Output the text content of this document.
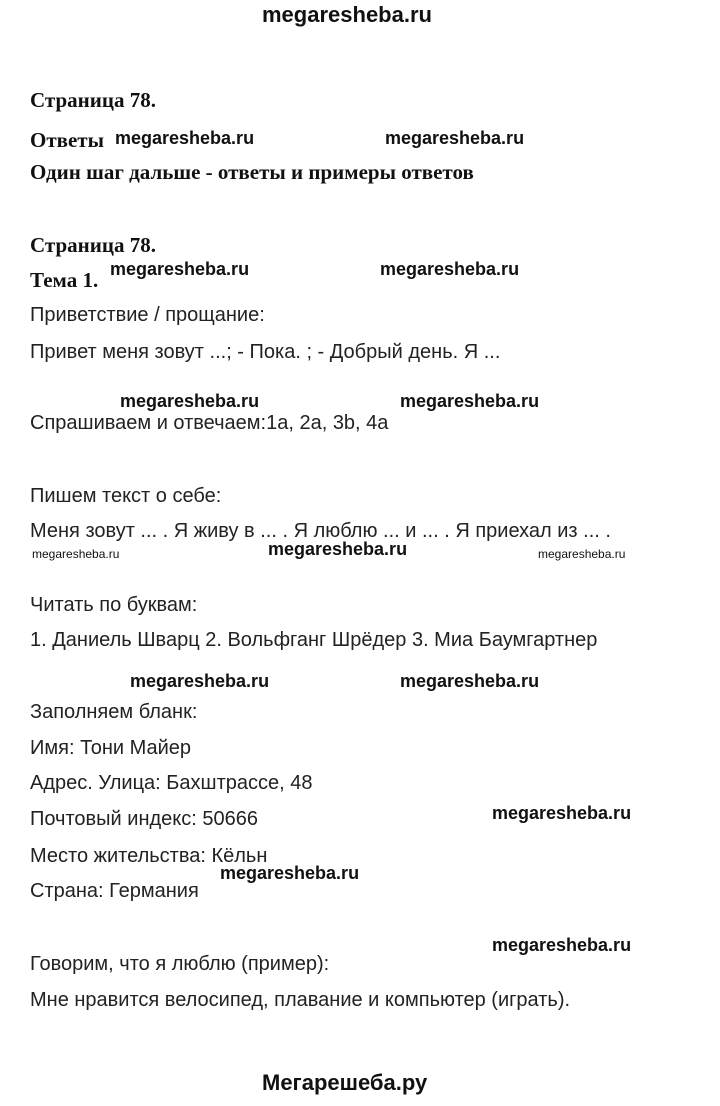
megaresheba.ru
Страница 78.
Ответы
Один шаг дальше - ответы и примеры ответов
Страница 78.
Тема 1.
Приветствие / прощание:
Привет меня зовут ...; - Пока. ; - Добрый день. Я ...
Спрашиваем и отвечаем:1a, 2a, 3b, 4a
Пишем текст о себе:
Меня зовут ... . Я живу в ... . Я люблю ... и ... . Я приехал из ... .
Читать по буквам:
1. Даниель Шварц 2. Вольфганг Шрёдер 3. Миа Баумгартнер
Заполняем бланк:
Имя: Тони Майер
Адрес. Улица: Бахштрассе, 48
Почтовый индекс: 50666
Место жительства: Кёльн
Страна: Германия
Говорим, что я люблю (пример):
Мне нравится велосипед, плавание и компьютер (играть).
megaresheba.ru	megaresheba.ru
megaresheba.ru	megaresheba.ru
megaresheba.ru	megaresheba.ru
megaresheba.ru	megaresheba.ru	megaresheba.ru
megaresheba.ru	megaresheba.ru
megaresheba.ru
megaresheba.ru
megaresheba.ru
Мегарешеба.ру
